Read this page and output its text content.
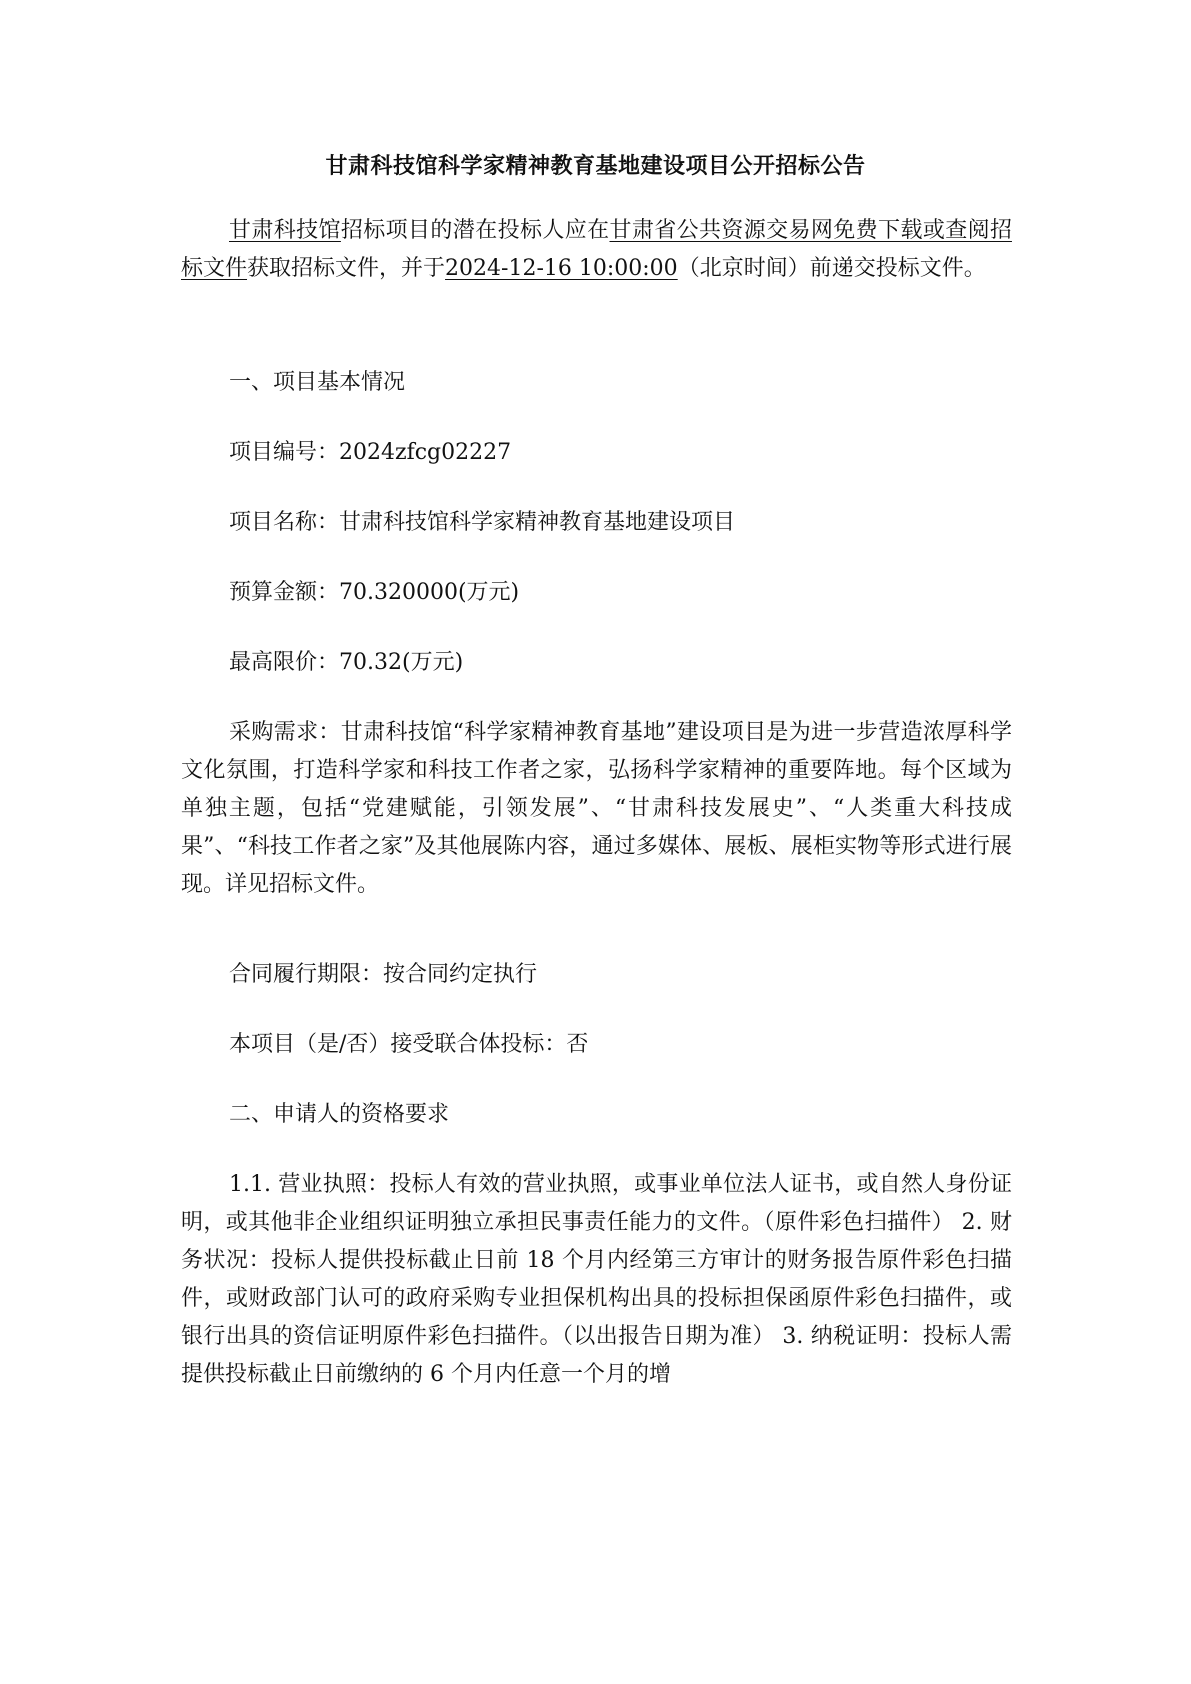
甘肃科技馆科学家精神教育基地建设项目公开招标公告

甘肃科技馆招标项目的潜在投标人应在甘肃省公共资源交易网免费下载或查阅招标文件获取招标文件，并于2024-12-16 10:00:00（北京时间）前递交投标文件。

一、项目基本情况

项目编号：2024zfcg02227

项目名称：甘肃科技馆科学家精神教育基地建设项目

预算金额：70.320000(万元)

最高限价：70.32(万元)

采购需求：甘肃科技馆“科学家精神教育基地”建设项目是为进一步营造浓厚科学文化氛围，打造科学家和科技工作者之家，弘扬科学家精神的重要阵地。每个区域为单独主题，包括“党建赋能，引领发展”、“甘肃科技发展史”、“人类重大科技成果”、“科技工作者之家”及其他展陈内容，通过多媒体、展板、展柜实物等形式进行展现。详见招标文件。

合同履行期限：按合同约定执行

本项目（是/否）接受联合体投标：否

二、申请人的资格要求

1.1. 营业执照：投标人有效的营业执照，或事业单位法人证书，或自然人身份证明，或其他非企业组织证明独立承担民事责任能力的文件。（原件彩色扫描件） 2. 财务状况：投标人提供投标截止日前 18 个月内经第三方审计的财务报告原件彩色扫描件，或财政部门认可的政府采购专业担保机构出具的投标担保函原件彩色扫描件，或银行出具的资信证明原件彩色扫描件。（以出报告日期为准） 3. 纳税证明：投标人需提供投标截止日前缴纳的 6 个月内任意一个月的增
